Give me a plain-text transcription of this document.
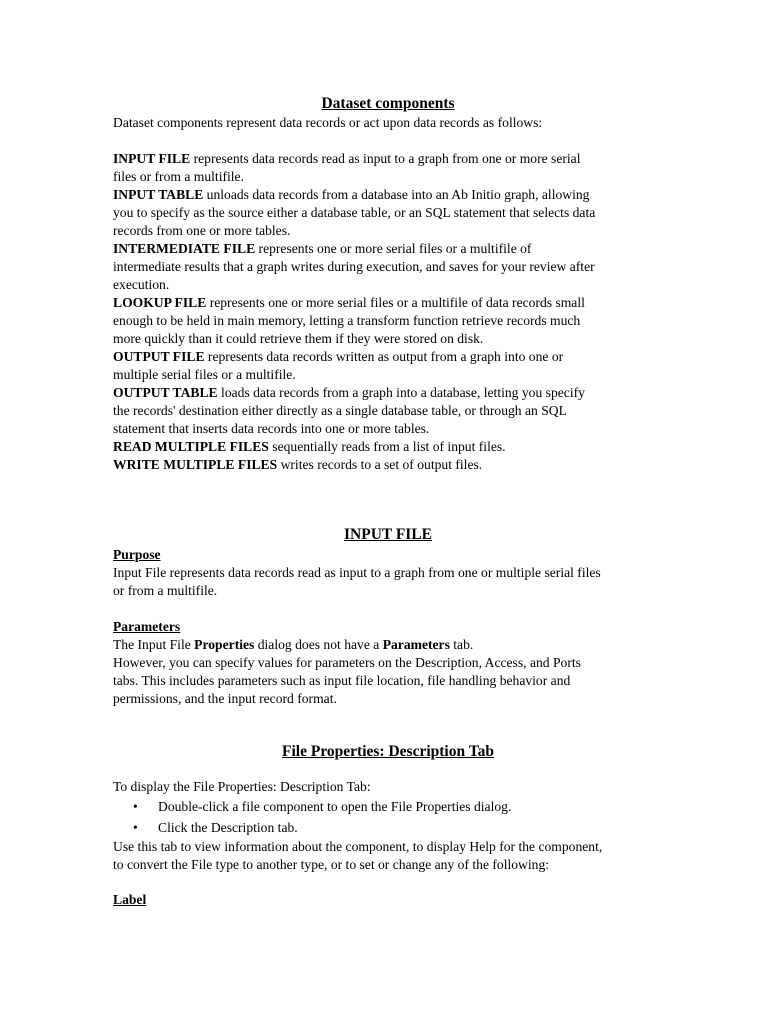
Dataset components

Dataset components represent data records or act upon data records as follows:

INPUT FILE represents data records read as input to a graph from one or more serial

files or from a multifile.

INPUT TABLE unloads data records from a database into an Ab Initio graph, allowing

you to specify as the source either a database table, or an SQL statement that selects data

records from one or more tables.

INTERMEDIATE FILE represents one or more serial files or a multifile of

intermediate results that a graph writes during execution, and saves for your review after

execution.

LOOKUP FILE represents one or more serial files or a multifile of data records small

enough to be held in main memory, letting a transform function retrieve records much

more quickly than it could retrieve them if they were stored on disk.

OUTPUT FILE represents data records written as output from a graph into one or

multiple serial files or a multifile.

OUTPUT TABLE loads data records from a graph into a database, letting you specify

the records' destination either directly as a single database table, or through an SQL

statement that inserts data records into one or more tables.

READ MULTIPLE FILES sequentially reads from a list of input files.

WRITE MULTIPLE FILES writes records to a set of output files.

INPUT FILE

Purpose

Input File represents data records read as input to a graph from one or multiple serial files

or from a multifile.

Parameters

The Input File Properties dialog does not have a Parameters tab.

However, you can specify values for parameters on the Description, Access, and Ports

tabs. This includes parameters such as input file location, file handling behavior and

permissions, and the input record format.

File Properties: Description Tab

To display the File Properties: Description Tab:

• Double-click a file component to open the File Properties dialog.
• Click the Description tab.

Use this tab to view information about the component, to display Help for the component,

to convert the File type to another type, or to set or change any of the following:

Label
